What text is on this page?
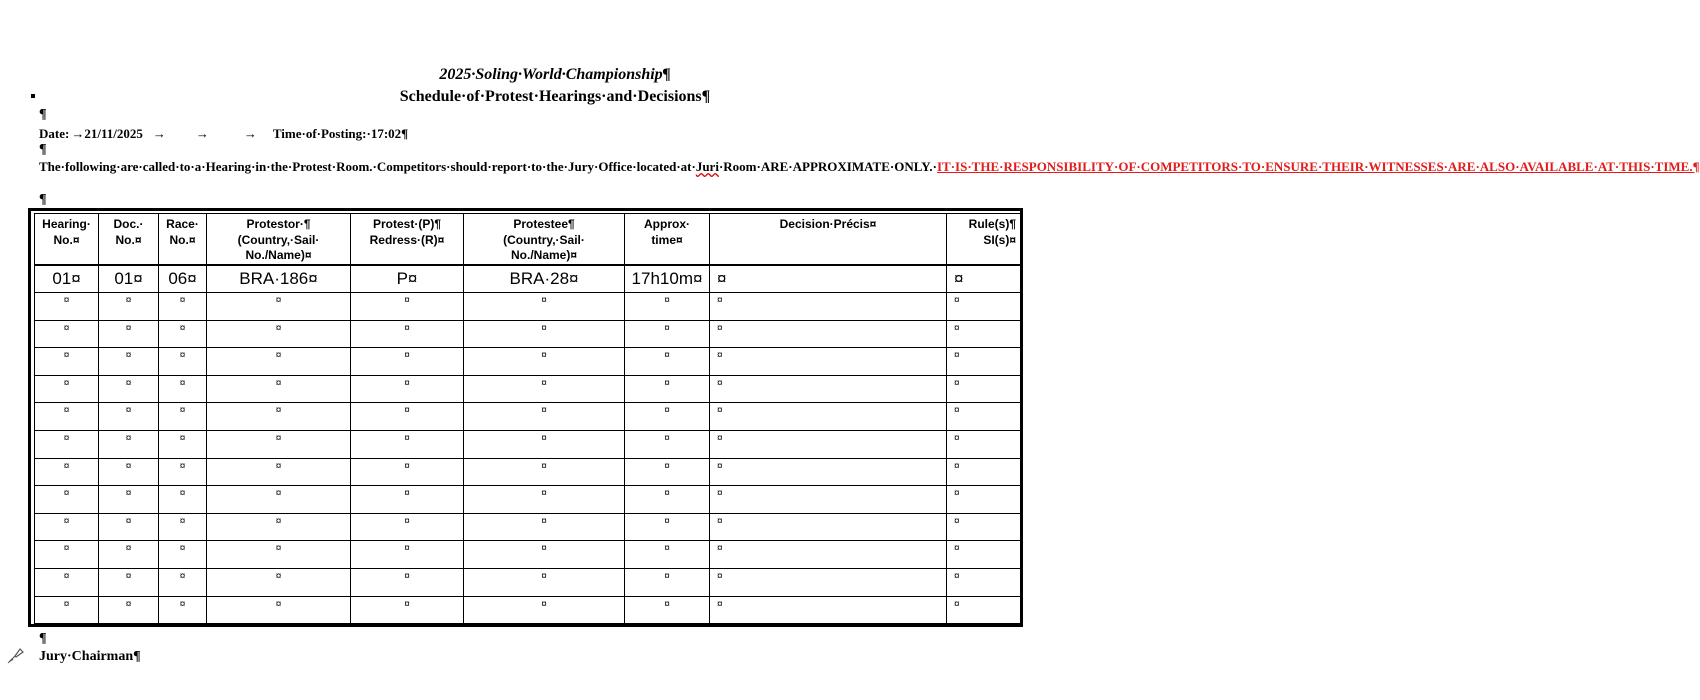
2025·Soling·World·Championship¶
Schedule·of·Protest·Hearings·and·Decisions¶
¶
Date: →21/11/2025 → →	→ Time·of·Posting:·17:02¶
¶
The·following·are·called·to·a·Hearing·in·the·Protest·Room.·Competitors·should·report·to·the·Jury·Office·located·at·Juri·Room·ARE·APPROXIMATE·ONLY.·IT·IS·THE·RESPONSIBILITY·OF·COMPETITORS·TO·ENSURE·THEIR·WITNESSES·ARE·ALSO·AVAILABLE·AT·THIS·TIME.¶
¶
Hearing·
No.¤	Doc.·
No.¤	Race·
No.¤	Protestor·¶
(Country,·Sail·
No./Name)¤	Protest·(P)¶
Redress·(R)¤	Protestee¶
(Country,·Sail·
No./Name)¤	Approx·
time¤	Decision·Précis¤	Rule(s)¶
SI(s)¤
01¤	01¤	06¤	BRA·186¤	P¤	BRA·28¤	17h10m¤	¤	¤
¤	¤	¤	¤	¤	¤	¤	¤	¤
¤	¤	¤	¤	¤	¤	¤	¤	¤
¤	¤	¤	¤	¤	¤	¤	¤	¤
¤	¤	¤	¤	¤	¤	¤	¤	¤
¤	¤	¤	¤	¤	¤	¤	¤	¤
¤	¤	¤	¤	¤	¤	¤	¤	¤
¤	¤	¤	¤	¤	¤	¤	¤	¤
¤	¤	¤	¤	¤	¤	¤	¤	¤
¤	¤	¤	¤	¤	¤	¤	¤	¤
¤	¤	¤	¤	¤	¤	¤	¤	¤
¤	¤	¤	¤	¤	¤	¤	¤	¤
¤	¤	¤	¤	¤	¤	¤	¤	¤
¶
Jury·Chairman¶
